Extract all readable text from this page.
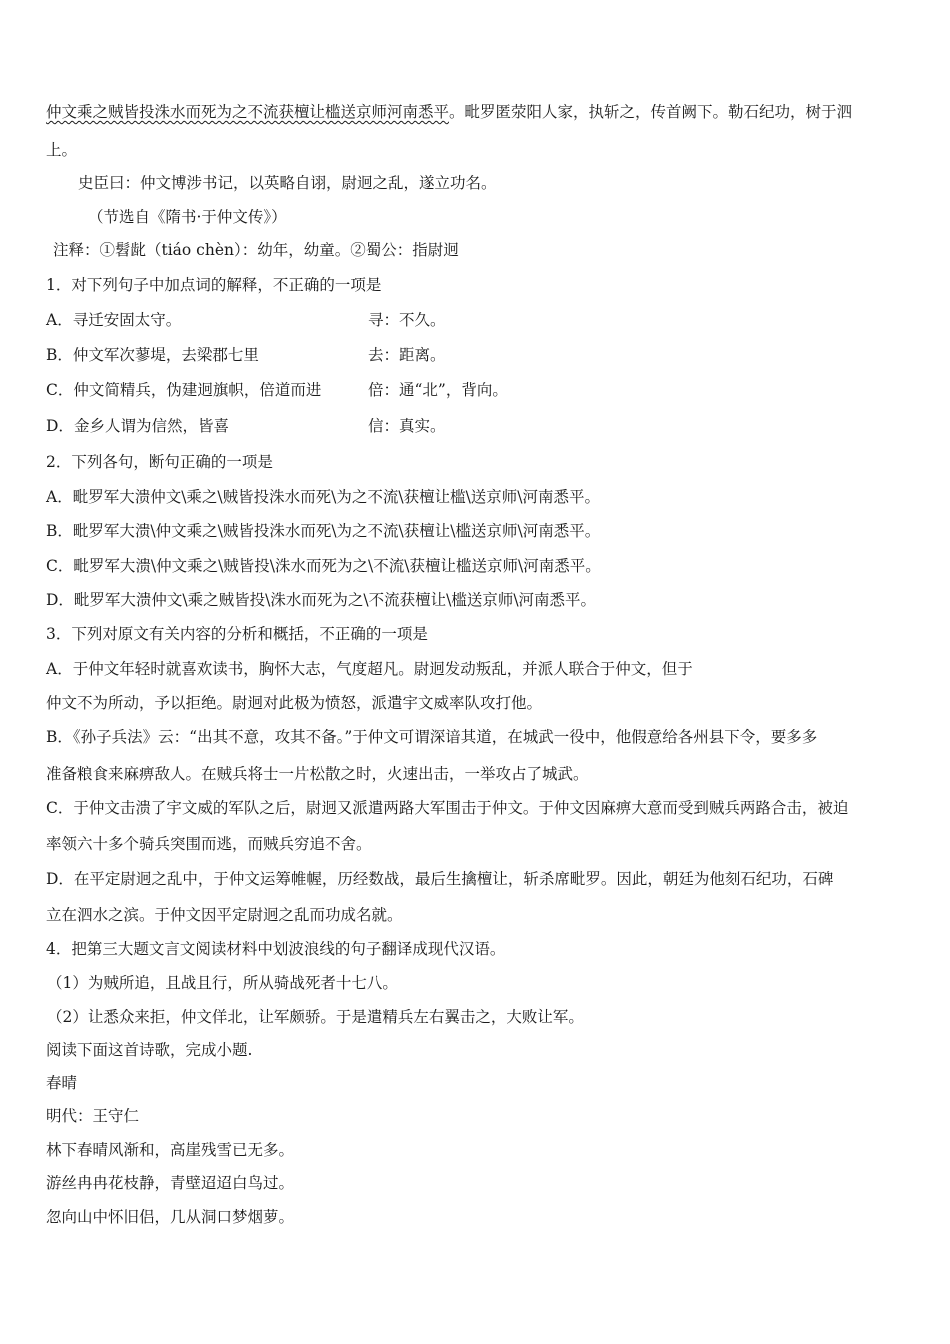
仲文乘之贼皆投洙水而死为之不流获檀让槛送京师河南悉平。毗罗匿荥阳人家，执斩之，传首阙下。勒石纪功，树于泗
上。
史臣曰：仲文博涉书记，以英略自诩，尉迥之乱，遂立功名。
（节选自《隋书·于仲文传》）
注释：①髫龀（tiáo chèn）：幼年，幼童。②蜀公：指尉迥
1．对下列句子中加点词的解释，不正确的一项是
A．寻迁安固太守。	寻：不久。
B．仲文军次蓼堤，去梁郡七里	去：距离。
C．仲文简精兵，伪建迥旗帜，倍道而进	倍：通“北”，背向。
D．金乡人谓为信然，皆喜	信：真实。
2．下列各句，断句正确的一项是
A．毗罗军大溃仲文\乘之\贼皆投洙水而死\为之不流\获檀让槛\送京师\河南悉平。
B．毗罗军大溃\仲文乘之\贼皆投洙水而死\为之不流\获檀让\槛送京师\河南悉平。
C．毗罗军大溃\仲文乘之\贼皆投\洙水而死为之\不流\获檀让槛送京师\河南悉平。
D．毗罗军大溃仲文\乘之贼皆投\洙水而死为之\不流获檀让\槛送京师\河南悉平。
3．下列对原文有关内容的分析和概括，不正确的一项是
A．于仲文年轻时就喜欢读书，胸怀大志，气度超凡。尉迥发动叛乱，并派人联合于仲文，但于
仲文不为所动，予以拒绝。尉迥对此极为愤怒，派遣宇文威率队攻打他。
B．《孙子兵法》云：“出其不意，攻其不备。”于仲文可谓深谙其道，在城武一役中，他假意给各州县下令，要多多
准备粮食来麻痹敌人。在贼兵将士一片松散之时，火速出击，一举攻占了城武。
C．于仲文击溃了宇文威的军队之后，尉迥又派遣两路大军围击于仲文。于仲文因麻痹大意而受到贼兵两路合击，被迫
率领六十多个骑兵突围而逃，而贼兵穷追不舍。
D．在平定尉迥之乱中，于仲文运筹帷幄，历经数战，最后生擒檀让，斩杀席毗罗。因此，朝廷为他刻石纪功，石碑
立在泗水之滨。于仲文因平定尉迥之乱而功成名就。
4．把第三大题文言文阅读材料中划波浪线的句子翻译成现代汉语。
（1）为贼所追，且战且行，所从骑战死者十七八。
（2）让悉众来拒，仲文佯北，让军颇骄。于是遣精兵左右翼击之，大败让军。
阅读下面这首诗歌，完成小题.
春晴
明代：王守仁
林下春晴风渐和，高崖残雪已无多。
游丝冉冉花枝静，青壁迢迢白鸟过。
忽向山中怀旧侣，几从洞口梦烟萝。
